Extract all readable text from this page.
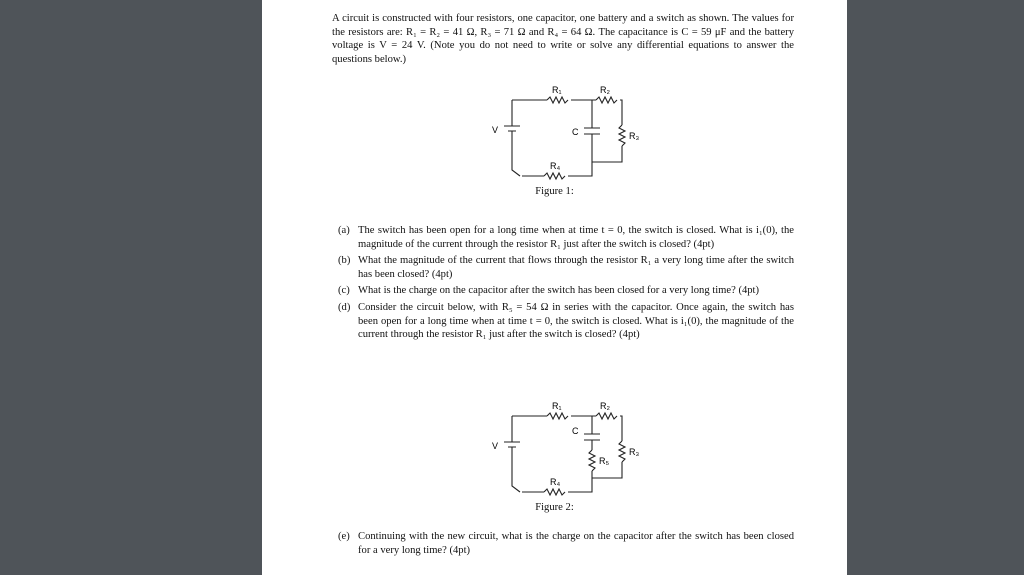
A circuit is constructed with four resistors, one capacitor, one battery and a switch as shown. The values for the resistors are: R₁ = R₂ = 41 Ω, R₃ = 71 Ω and R₄ = 64 Ω. The capacitance is C = 59 μF and the battery voltage is V = 24 V. (Note you do not need to write or solve any differential equations to answer the questions below.)
R₁	R₂
R₃
R₄
C
V
Figure 1:
(a) The switch has been open for a long time when at time t = 0, the switch is closed. What is i₁(0), the magnitude of the current through the resistor R₁ just after the switch is closed? (4pt)
(b) What the magnitude of the current that flows through the resistor R₁ a very long time after the switch has been closed? (4pt)
(c) What is the charge on the capacitor after the switch has been closed for a very long time? (4pt)
(d) Consider the circuit below, with R₅ = 54 Ω in series with the capacitor. Once again, the switch has been open for a long time when at time t = 0, the switch is closed. What is i₁(0), the magnitude of the current through the resistor R₁ just after the switch is closed? (4pt)
R₁	R₂
R₃
R₄
R₅
C
V
Figure 2:
(e) Continuing with the new circuit, what is the charge on the capacitor after the switch has been closed for a very long time? (4pt)
